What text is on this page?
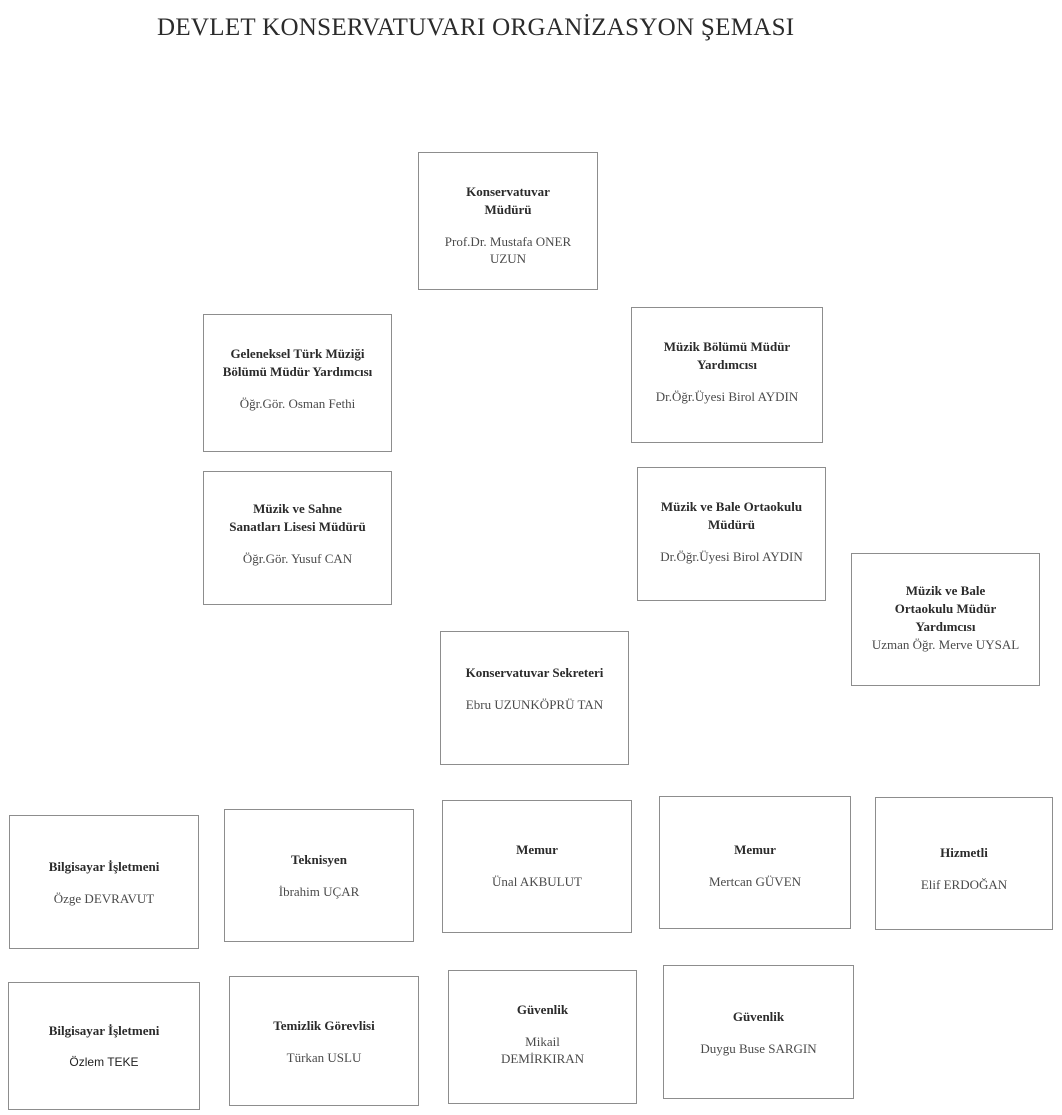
DEVLET KONSERVATUVARI ORGANİZASYON ŞEMASI
Konservatuvar Müdürü
Prof.Dr. Mustafa ONER UZUN
Geleneksel Türk Müziği Bölümü Müdür Yardımcısı
Öğr.Gör. Osman Fethi
Müzik Bölümü Müdür Yardımcısı
Dr.Öğr.Üyesi Birol AYDIN
Müzik ve Sahne Sanatları Lisesi Müdürü
Öğr.Gör. Yusuf CAN
Müzik ve Bale Ortaokulu Müdürü
Dr.Öğr.Üyesi Birol AYDIN
Müzik ve Bale Ortaokulu Müdür Yardımcısı
Uzman Öğr. Merve UYSAL
Konservatuvar Sekreteri
Ebru UZUNKÖPRÜ TAN
Bilgisayar İşletmeni
Özge DEVRAVUT
Teknisyen
İbrahim UÇAR
Memur
Ünal AKBULUT
Memur
Mertcan GÜVEN
Hizmetli
Elif ERDOĞAN
Bilgisayar İşletmeni
Özlem TEKE
Temizlik Görevlisi
Türkan USLU
Güvenlik
Mikail DEMİRKIRAN
Güvenlik
Duygu Buse SARGIN
